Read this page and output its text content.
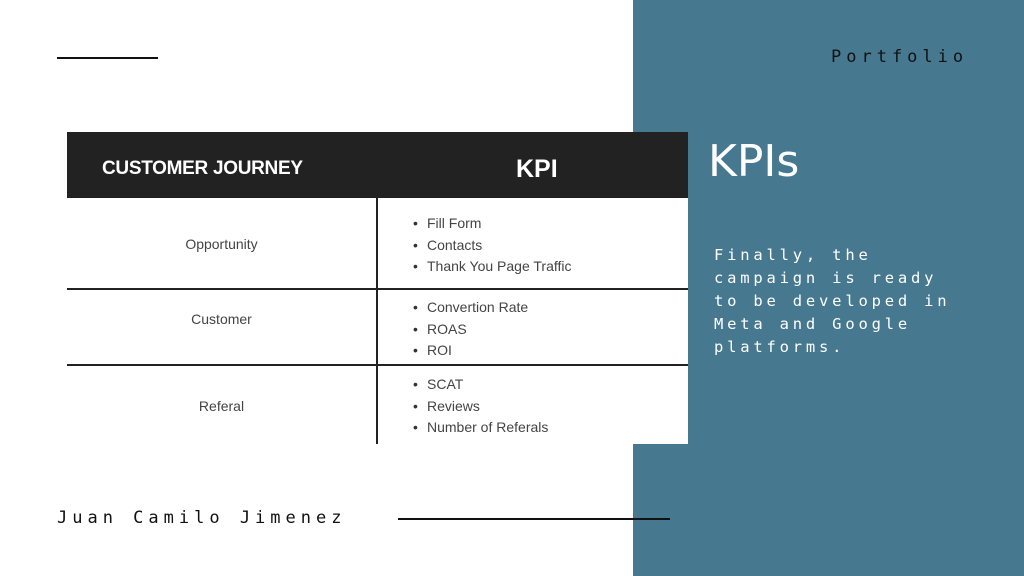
Portfolio
Juan Camilo Jimenez
KPIs
Finally, the
campaign is ready
to be developed in
Meta and Google
platforms.
CUSTOMER JOURNEY	KPI
Opportunity
• Fill Form
• Contacts
• Thank You Page Traffic
Customer
• Convertion Rate
• ROAS
• ROI
Referal
• SCAT
• Reviews
• Number of Referals
